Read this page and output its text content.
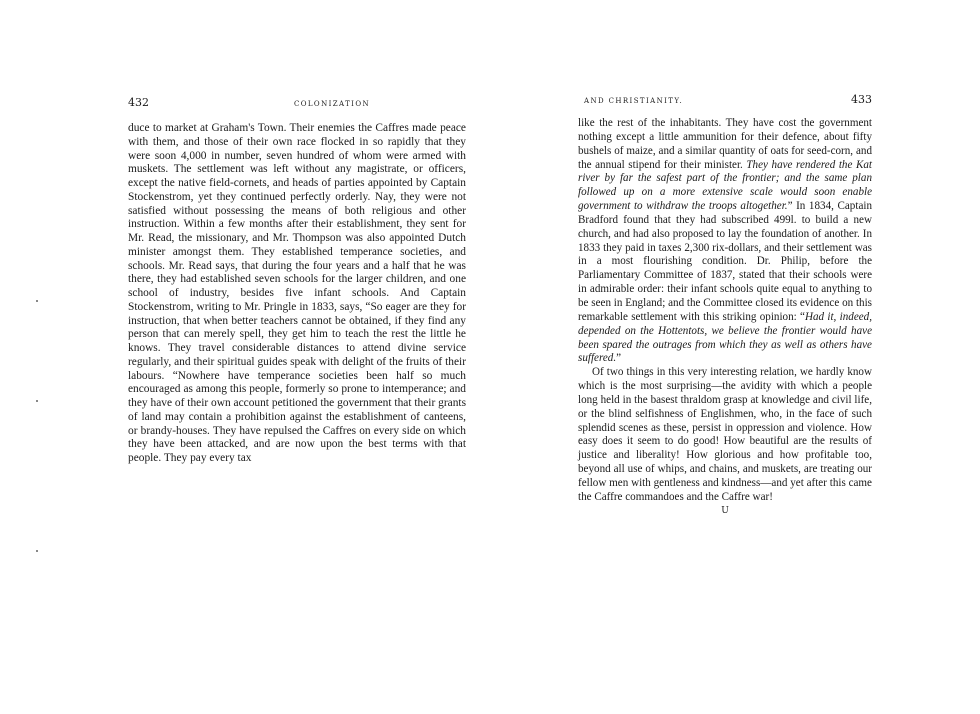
432	COLONIZATION

duce to market at Graham's Town. Their enemies the Caffres made peace with them, and those of their own race flocked in so rapidly that they were soon 4,000 in number, seven hundred of whom were armed with muskets. The settlement was left without any magistrate, or officers, except the native field-cornets, and heads of parties appointed by Captain Stockenstrom, yet they continued perfectly orderly. Nay, they were not satisfied without possessing the means of both religious and other instruction. Within a few months after their establishment, they sent for Mr. Read, the missionary, and Mr. Thompson was also appointed Dutch minister amongst them. They established temperance societies, and schools. Mr. Read says, that during the four years and a half that he was there, they had established seven schools for the larger children, and one school of industry, besides five infant schools. And Captain Stockenstrom, writing to Mr. Pringle in 1833, says, “So eager are they for instruction, that when better teachers cannot be obtained, if they find any person that can merely spell, they get him to teach the rest the little he knows. They travel considerable distances to attend divine service regularly, and their spiritual guides speak with delight of the fruits of their labours. “Nowhere have temperance societies been half so much encouraged as among this people, formerly so prone to intemperance; and they have of their own account petitioned the government that their grants of land may contain a prohibition against the establishment of canteens, or brandy-houses. They have repulsed the Caffres on every side on which they have been attacked, and are now upon the best terms with that people. They pay every tax

AND CHRISTIANITY.	433

like the rest of the inhabitants. They have cost the government nothing except a little ammunition for their defence, about fifty bushels of maize, and a similar quantity of oats for seed-corn, and the annual stipend for their minister. They have rendered the Kat river by far the safest part of the frontier; and the same plan followed up on a more extensive scale would soon enable government to withdraw the troops altogether.” In 1834, Captain Bradford found that they had subscribed 499l. to build a new church, and had also proposed to lay the foundation of another. In 1833 they paid in taxes 2,300 rix-dollars, and their settlement was in a most flourishing condition. Dr. Philip, before the Parliamentary Committee of 1837, stated that their schools were in admirable order: their infant schools quite equal to anything to be seen in England; and the Committee closed its evidence on this remarkable settlement with this striking opinion: “Had it, indeed, depended on the Hottentots, we believe the frontier would have been spared the outrages from which they as well as others have suffered.”

Of two things in this very interesting relation, we hardly know which is the most surprising—the avidity with which a people long held in the basest thraldom grasp at knowledge and civil life, or the blind selfishness of Englishmen, who, in the face of such splendid scenes as these, persist in oppression and violence. How easy does it seem to do good! How beautiful are the results of justice and liberality! How glorious and how profitable too, beyond all use of whips, and chains, and muskets, are treating our fellow men with gentleness and kindness—and yet after this came the Caffre commandoes and the Caffre war!

U
